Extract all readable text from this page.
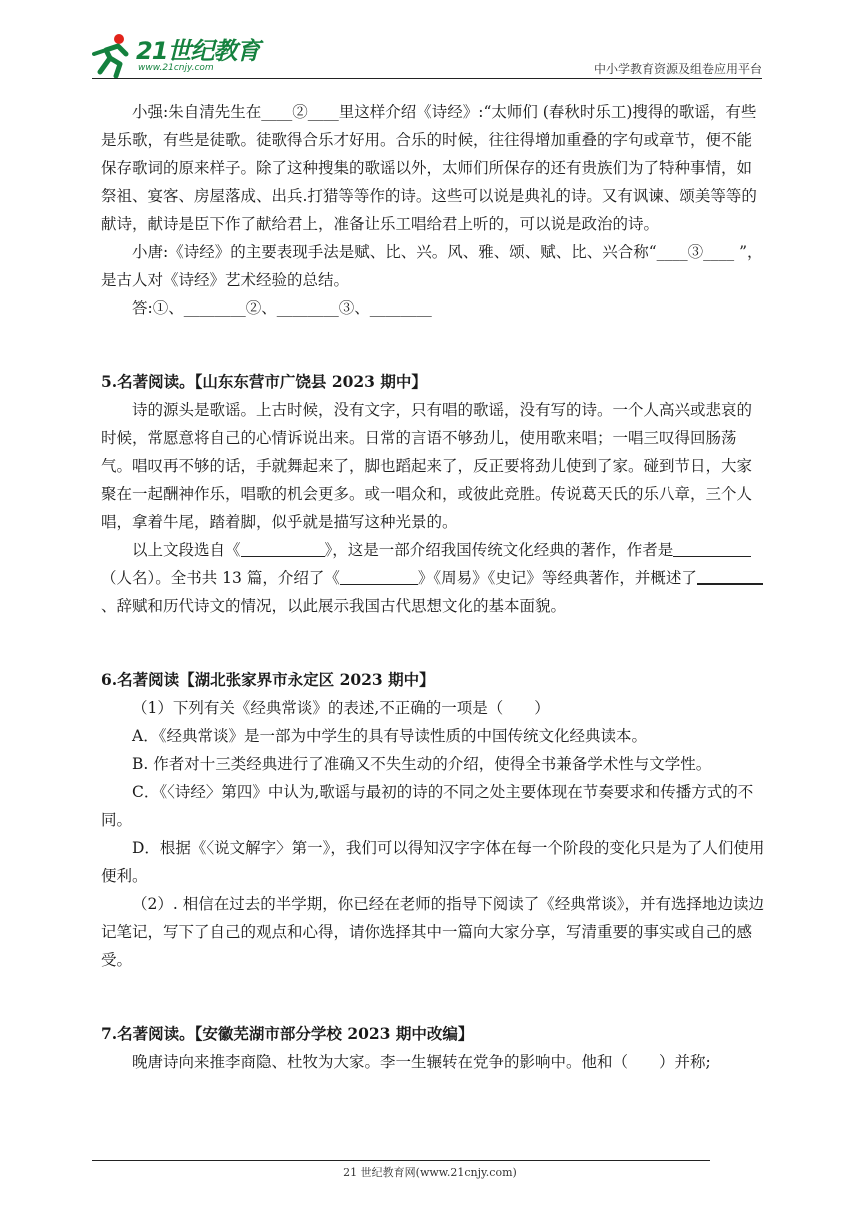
21世纪教育
www.21cnjy.com	中小学教育资源及组卷应用平台

小强:朱自清先生在____②____里这样介绍《诗经》:“太师们 (春秋时乐工)搜得的歌谣，有些是乐歌，有些是徒歌。徒歌得合乐才好用。合乐的时候，往往得增加重叠的字句或章节，便不能保存歌词的原来样子。除了这种搜集的歌谣以外，太师们所保存的还有贵族们为了特种事情，如祭祖、宴客、房屋落成、出兵.打猎等等作的诗。这些可以说是典礼的诗。又有讽谏、颂美等等的献诗，献诗是臣下作了献给君上，准备让乐工唱给君上听的，可以说是政治的诗。

小唐:《诗经》的主要表现手法是赋、比、兴。风、雅、颂、赋、比、兴合称“____③____ ”，是古人对《诗经》艺术经验的总结。

答:①、________②、________③、________

5.名著阅读。【山东东营市广饶县 2023 期中】

诗的源头是歌谣。上古时候，没有文字，只有唱的歌谣，没有写的诗。一个人高兴或悲哀的时候，常愿意将自己的心情诉说出来。日常的言语不够劲儿，使用歌来唱；一唱三叹得回肠荡气。唱叹再不够的话，手就舞起来了，脚也蹈起来了，反正要将劲儿使到了家。碰到节日，大家聚在一起酬神作乐，唱歌的机会更多。或一唱众和，或彼此竞胜。传说葛天氏的乐八章，三个人唱，拿着牛尾，踏着脚，似乎就是描写这种光景的。

以上文段选自《	》，这是一部介绍我国传统文化经典的著作，作者是（人名）。全书共 13 篇，介绍了《	》《周易》《史记》等经典著作，并概述了、辞赋和历代诗文的情况，以此展示我国古代思想文化的基本面貌。

6.名著阅读【湖北张家界市永定区 2023 期中】

（1）下列有关《经典常谈》的表述,不正确的一项是（　　）

A．《经典常谈》是一部为中学生的具有导读性质的中国传统文化经典读本。

B. 作者对十三类经典进行了准确又不失生动的介绍，使得全书兼备学术性与文学性。

C．《〈诗经〉第四》中认为,歌谣与最初的诗的不同之处主要体现在节奏要求和传播方式的不同。

D．根据《〈说文解字〉第一》，我们可以得知汉字字体在每一个阶段的变化只是为了人们使用便利。

（2）. 相信在过去的半学期，你已经在老师的指导下阅读了《经典常谈》，并有选择地边读边记笔记，写下了自己的观点和心得，请你选择其中一篇向大家分享，写清重要的事实或自己的感受。

7.名著阅读。【安徽芜湖市部分学校 2023 期中改编】

晚唐诗向来推李商隐、杜牧为大家。李一生辗转在党争的影响中。他和（　　）并称;

21 世纪教育网(www.21cnjy.com)
